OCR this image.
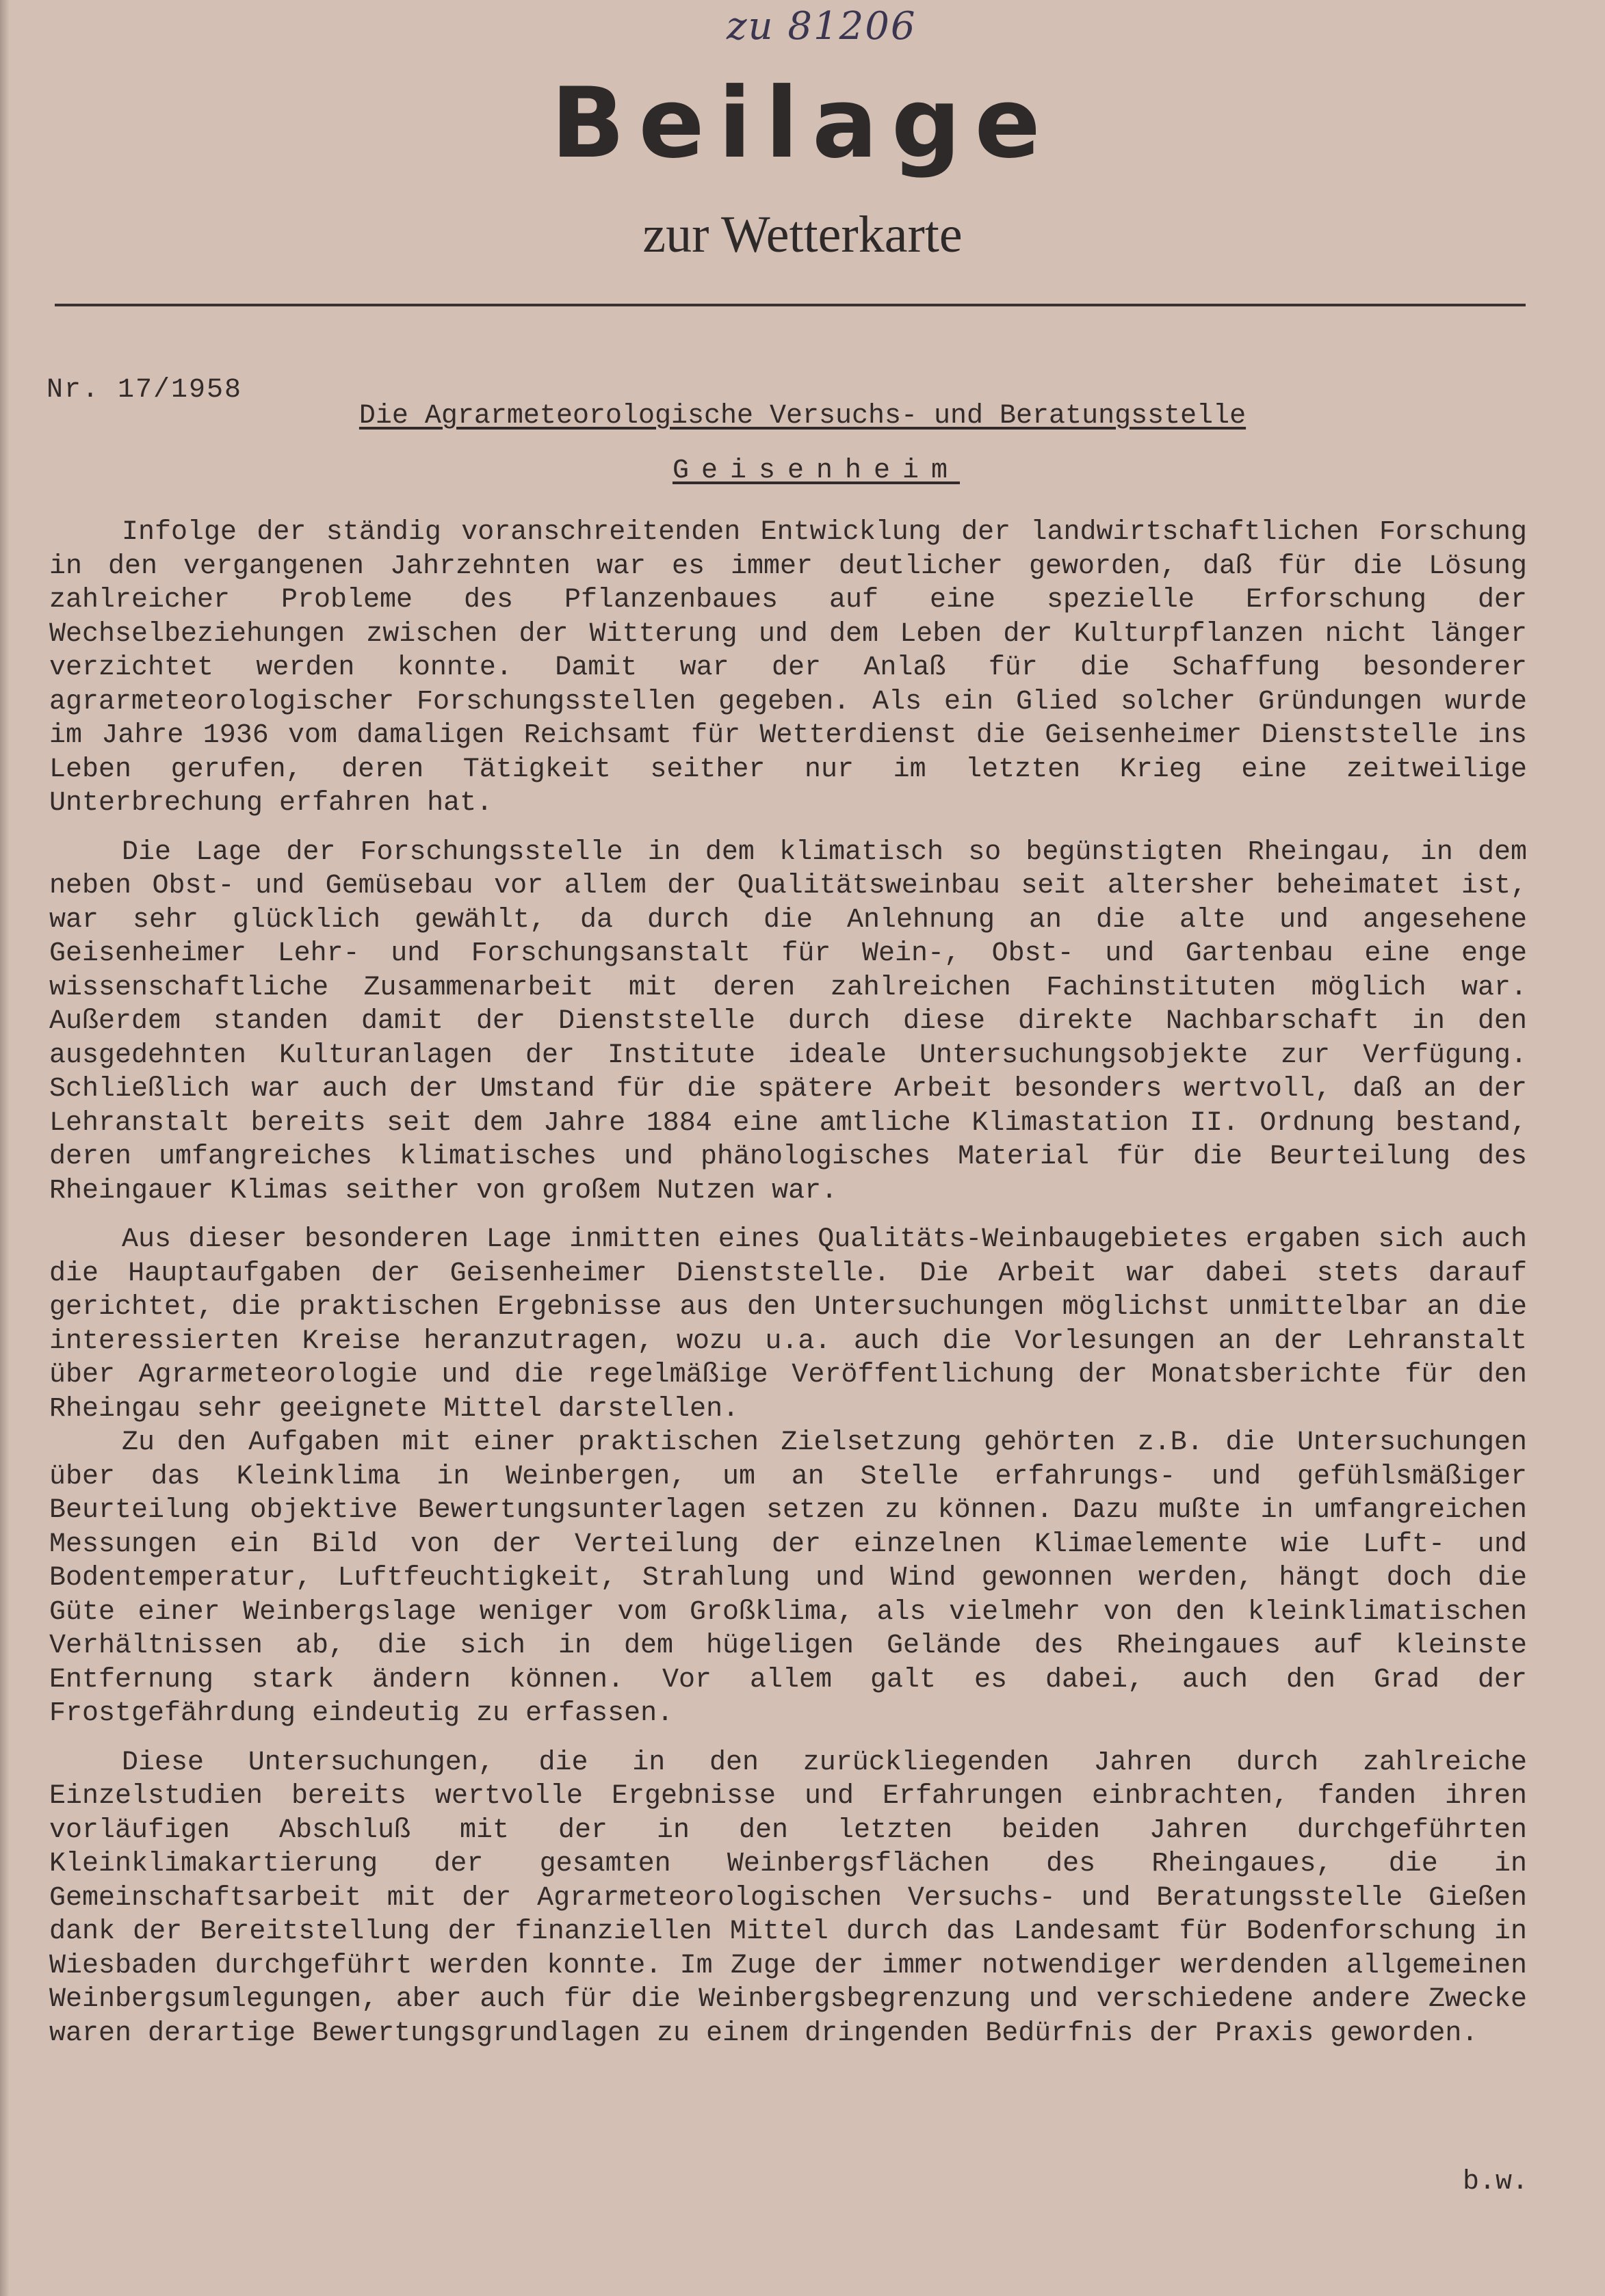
zu 81206
Beilage
zur Wetterkarte
Nr. 17/1958
Die Agrarmeteorologische Versuchs- und Beratungsstelle
Geisenheim
Infolge der ständig voranschreitenden Entwicklung der landwirtschaftlichen Forschung in den vergangenen Jahrzehnten war es immer deutlicher geworden, daß für die Lösung zahlreicher Probleme des Pflanzenbaues auf eine spezielle Erforschung der Wechselbeziehungen zwischen der Witterung und dem Leben der Kulturpflanzen nicht länger verzichtet werden konnte. Damit war der Anlaß für die Schaffung besonderer agrarmeteorologischer Forschungsstellen gegeben. Als ein Glied solcher Gründungen wurde im Jahre 1936 vom damaligen Reichsamt für Wetterdienst die Geisenheimer Dienststelle ins Leben gerufen, deren Tätigkeit seither nur im letzten Krieg eine zeitweilige Unterbrechung erfahren hat.
Die Lage der Forschungsstelle in dem klimatisch so begünstigten Rheingau, in dem neben Obst- und Gemüsebau vor allem der Qualitätsweinbau seit altersher beheimatet ist, war sehr glücklich gewählt, da durch die Anlehnung an die alte und angesehene Geisenheimer Lehr- und Forschungsanstalt für Wein-, Obst- und Gartenbau eine enge wissenschaftliche Zusammenarbeit mit deren zahlreichen Fachinstituten möglich war. Außerdem standen damit der Dienststelle durch diese direkte Nachbarschaft in den ausgedehnten Kulturanlagen der Institute ideale Untersuchungsobjekte zur Verfügung. Schließlich war auch der Umstand für die spätere Arbeit besonders wertvoll, daß an der Lehranstalt bereits seit dem Jahre 1884 eine amtliche Klimastation II. Ordnung bestand, deren umfangreiches klimatisches und phänologisches Material für die Beurteilung des Rheingauer Klimas seither von großem Nutzen war.
Aus dieser besonderen Lage inmitten eines Qualitäts-Weinbaugebietes ergaben sich auch die Hauptaufgaben der Geisenheimer Dienststelle. Die Arbeit war dabei stets darauf gerichtet, die praktischen Ergebnisse aus den Untersuchungen möglichst unmittelbar an die interessierten Kreise heranzutragen, wozu u.a. auch die Vorlesungen an der Lehranstalt über Agrarmeteorologie und die regelmäßige Veröffentlichung der Monatsberichte für den Rheingau sehr geeignete Mittel darstellen.
Zu den Aufgaben mit einer praktischen Zielsetzung gehörten z.B. die Untersuchungen über das Kleinklima in Weinbergen, um an Stelle erfahrungs- und gefühlsmäßiger Beurteilung objektive Bewertungsunterlagen setzen zu können. Dazu mußte in umfangreichen Messungen ein Bild von der Verteilung der einzelnen Klimaelemente wie Luft- und Bodentemperatur, Luftfeuchtigkeit, Strahlung und Wind gewonnen werden, hängt doch die Güte einer Weinbergslage weniger vom Großklima, als vielmehr von den kleinklimatischen Verhältnissen ab, die sich in dem hügeligen Gelände des Rheingaues auf kleinste Entfernung stark ändern können. Vor allem galt es dabei, auch den Grad der Frostgefährdung eindeutig zu erfassen.
Diese Untersuchungen, die in den zurückliegenden Jahren durch zahlreiche Einzelstudien bereits wertvolle Ergebnisse und Erfahrungen einbrachten, fanden ihren vorläufigen Abschluß mit der in den letzten beiden Jahren durchgeführten Kleinklimakartierung der gesamten Weinbergsflächen des Rheingaues, die in Gemeinschaftsarbeit mit der Agrarmeteorologischen Versuchs- und Beratungsstelle Gießen dank der Bereitstellung der finanziellen Mittel durch das Landesamt für Bodenforschung in Wiesbaden durchgeführt werden konnte. Im Zuge der immer notwendiger werdenden allgemeinen Weinbergsumlegungen, aber auch für die Weinbergsbegrenzung und verschiedene andere Zwecke waren derartige Bewertungsgrundlagen zu einem dringenden Bedürfnis der Praxis geworden.
b.w.
